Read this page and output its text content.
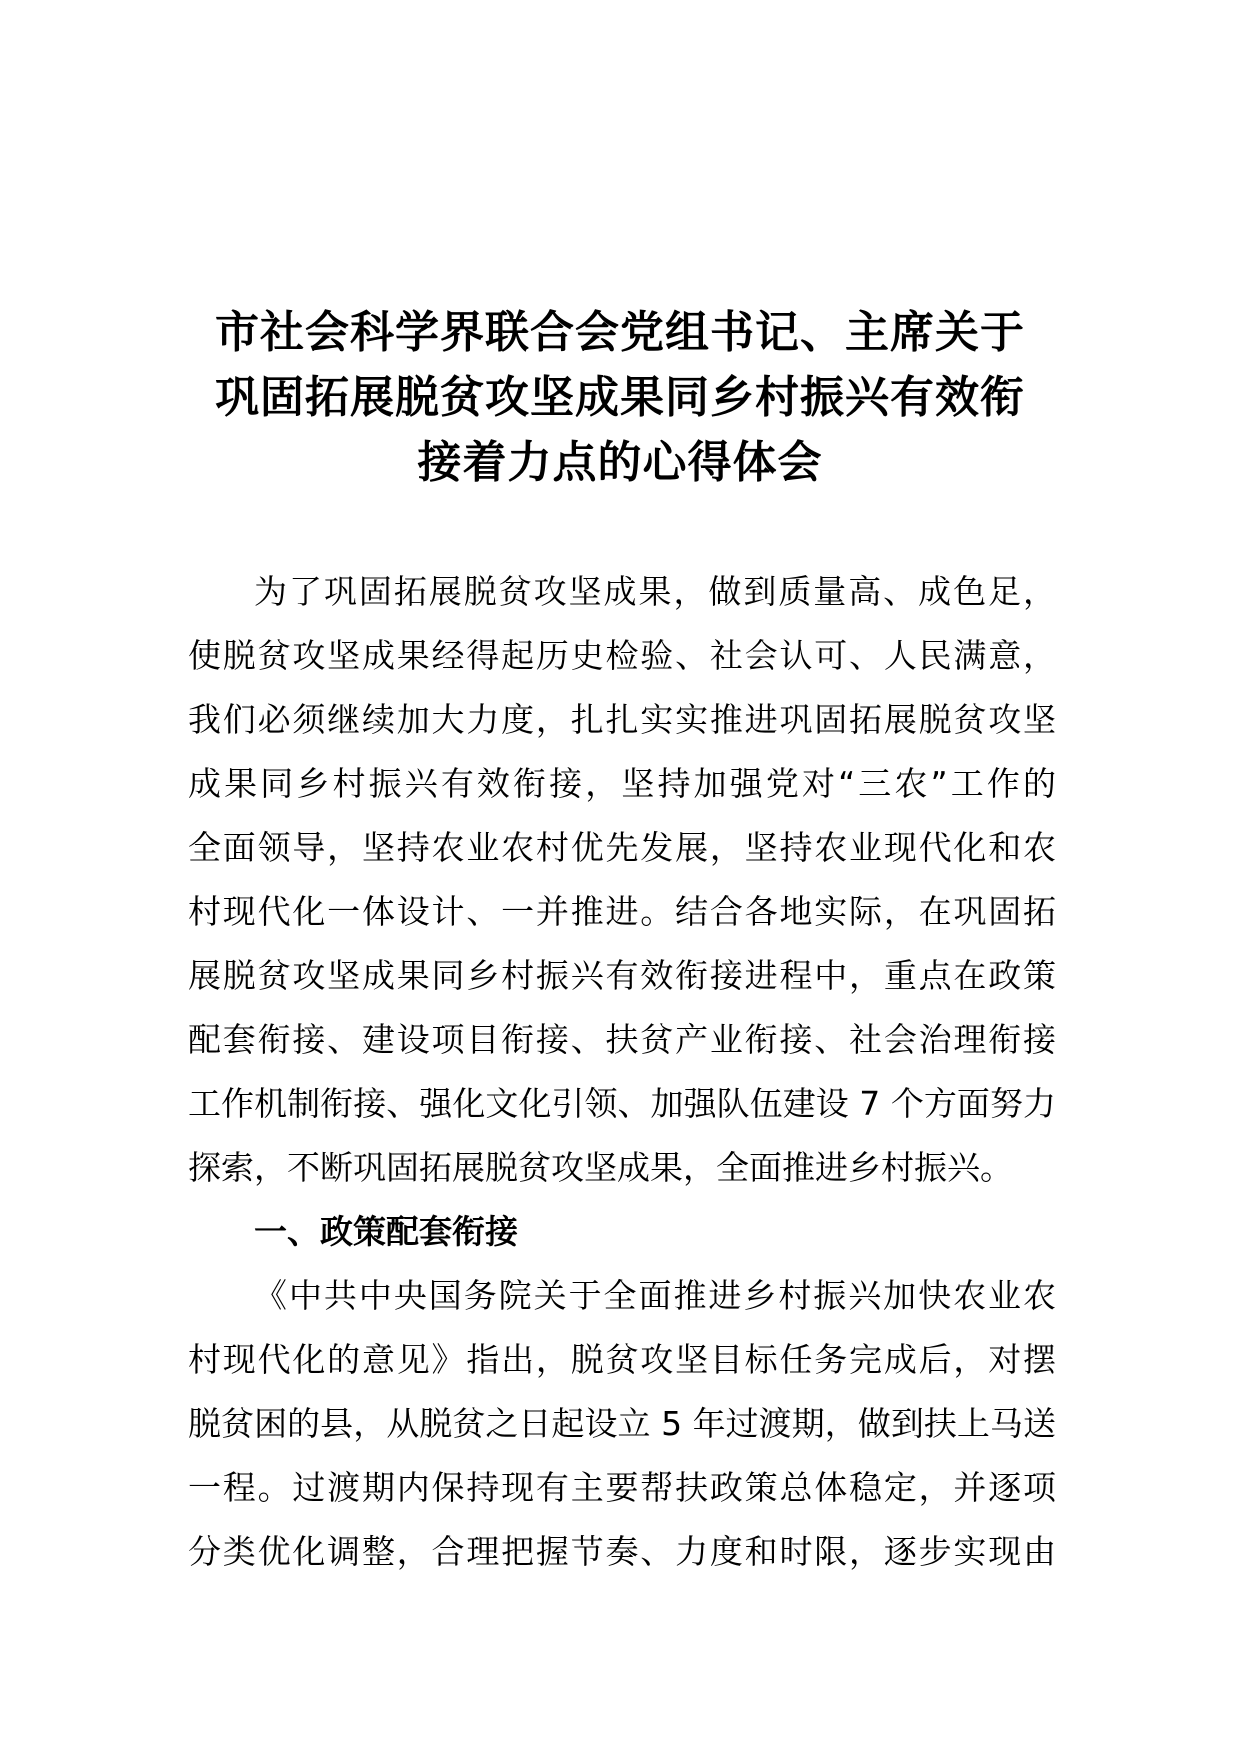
市社会科学界联合会党组书记、主席关于
巩固拓展脱贫攻坚成果同乡村振兴有效衔
接着力点的心得体会
为了巩固拓展脱贫攻坚成果，做到质量高、成色足，
使脱贫攻坚成果经得起历史检验、社会认可、人民满意，
我们必须继续加大力度，扎扎实实推进巩固拓展脱贫攻坚
成果同乡村振兴有效衔接，坚持加强党对“三农”工作的
全面领导，坚持农业农村优先发展，坚持农业现代化和农
村现代化一体设计、一并推进。结合各地实际，在巩固拓
展脱贫攻坚成果同乡村振兴有效衔接进程中，重点在政策
配套衔接、建设项目衔接、扶贫产业衔接、社会治理衔接
工作机制衔接、强化文化引领、加强队伍建设 7 个方面努力
探索，不断巩固拓展脱贫攻坚成果，全面推进乡村振兴。
一、政策配套衔接
《中共中央国务院关于全面推进乡村振兴加快农业农
村现代化的意见》指出，脱贫攻坚目标任务完成后，对摆
脱贫困的县，从脱贫之日起设立 5 年过渡期，做到扶上马送
一程。过渡期内保持现有主要帮扶政策总体稳定，并逐项
分类优化调整，合理把握节奏、力度和时限，逐步实现由
